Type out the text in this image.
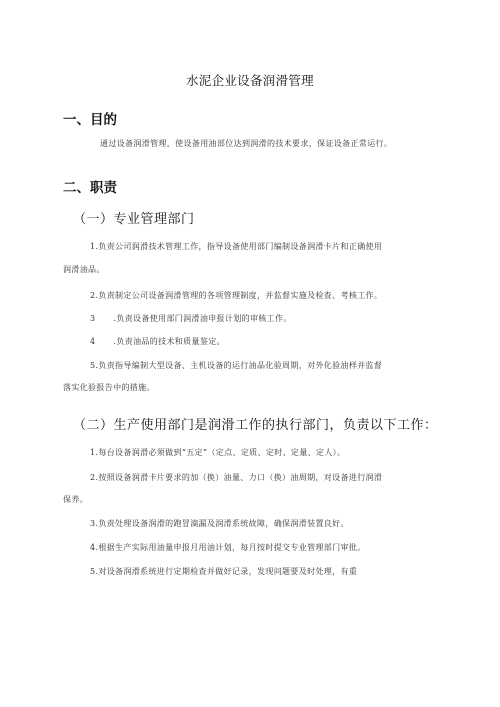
水泥企业设备润滑管理
一、目的
通过设备润滑管理，使设备用油部位达到润滑的技术要求，保证设备正常运行。
二、职责
（一）专业管理部门
1.负责公司润滑技术管理工作，指导设备使用部门编制设备润滑卡片和正确使用
润滑油品。
2.负责制定公司设备润滑管理的各项管理制度，并监督实施及检查、考核工作。
3 .负责设备使用部门润滑油申报计划的审核工作。
4 .负责油品的技术和质量鉴定。
5.负责指导编制大型设备、主机设备的运行油品化验周期，对外化验油样并监督
落实化验报告中的措施。
（二）生产使用部门是润滑工作的执行部门，负责以下工作：
1.每台设备润滑必须做到“五定”（定点、定质、定时、定量、定人）。
2.按照设备润滑卡片要求的加（换）油量、力口（换）油周期，对设备进行润滑
保养。
3.负责处理设备润滑的跑冒滴漏及润滑系统故障，确保润滑装置良好。
4.根据生产实际用油量申报月用油计划，每月按时提交专业管理部门审批。
5.对设备润滑系统进行定期检查并做好记录，发现问题要及时处理，有重
